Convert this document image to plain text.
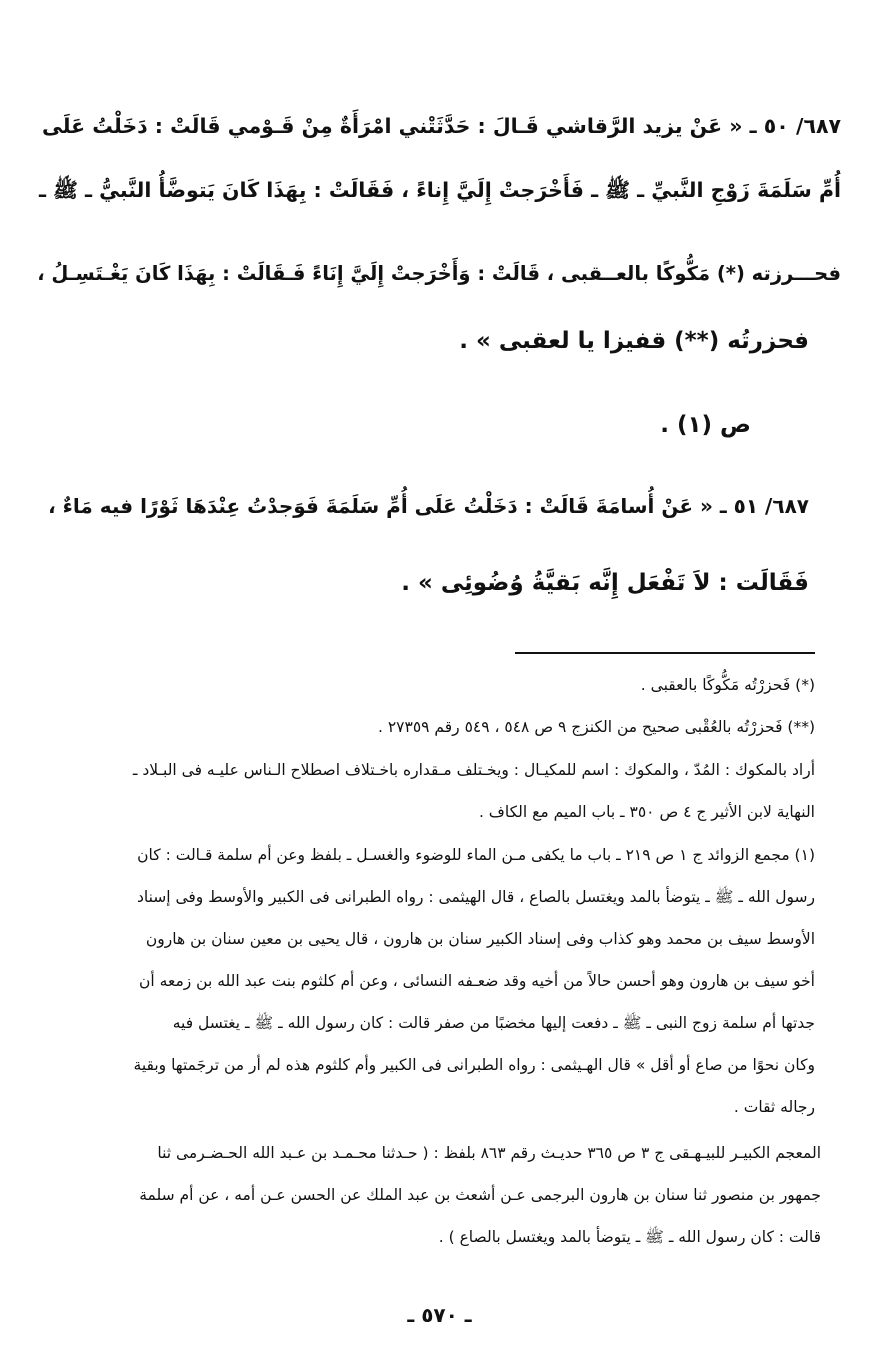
٦٨٧/ ٥٠ ـ « عَنْ يزيد الرَّقاشي قَـالَ : حَدَّثَتْني امْرَأَةٌ مِنْ قَـوْمي قَالَتْ : دَخَلْتُ عَلَى
أُمِّ سَلَمَةَ زَوْجِ النَّبيِّ ـ ﷺ ـ فَأَخْرَجتْ إِلَيَّ إِناءً ، فَقَالَتْ : بِهَذَا كَانَ يَتوضَّأُ النَّبيُّ ـ ﷺ ـ
فحـــرزته (*) مَكُّوكًا بالعــقبى ، قَالَتْ : وَأَخْرَجتْ إِلَيَّ إِنَاءً فَـقَالَتْ : بِهَذَا كَانَ يَغْـتَسِـلُ ،
فحزرتُه (**) قفيزا يا لعقبى » .
ص (١) .
٦٨٧/ ٥١ ـ « عَنْ أُسامَةَ قَالَتْ : دَخَلْتُ عَلَى أُمِّ سَلَمَةَ فَوَجدْتُ عِنْدَهَا ثَوْرًا فيه مَاءٌ ،
فَقَالَت : لاَ تَفْعَل إِنَّه بَقيَّةُ وُضُوئِى » .
(*) فَحزرْتُه مَكُّوكًا بالعقبى .
(**) فَحزرْتُه بالعُقْبى صحيح من الكنزج ٩ ص ٥٤٨ ، ٥٤٩ رقم ٢٧٣٥٩ .
أراد بالمكوك : المُدّ ، والمكوك : اسم للمكيـال : ويخـتلف مـقداره باخـتلاف اصطلاح الـناس عليـه فى البـلاد ـ
النهاية لابن الأثير ج ٤ ص ٣٥٠ ـ باب الميم مع الكاف .
(١) مجمع الزوائد ج ١ ص ٢١٩ ـ باب ما يكفى مـن الماء للوضوء والغسـل ـ بلفظ وعن أم سلمة قـالت : كان
رسول الله ـ ﷺ ـ يتوضأ بالمد ويغتسل بالصاع ، قال الهيثمى : رواه الطبرانى فى الكبير والأوسط وفى إسناد
الأوسط سيف بن محمد وهو كذاب وفى إسناد الكبير سنان بن هارون ، قال يحيى بن معين سنان بن هارون
أخو سيف بن هارون وهو أحسن حالاً من أخيه وقد ضعـفه النسائى ، وعن أم كلثوم بنت عبد الله بن زمعه أن
جدتها أم سلمة زوج النبى ـ ﷺ ـ دفعت إليها مخضبًا من صفر قالت : كان رسول الله ـ ﷺ ـ يغتسل فيه
وكان نحوًا من صاع أو أقل » قال الهـيثمى : رواه الطبرانى فى الكبير وأم كلثوم هذه لم أر من ترجَمتها وبقية
رجاله ثقات .
المعجم الكبيـر للبيـهـقى ج ٣ ص ٣٦٥ حديـث رقم ٨٦٣ بلفظ : ( حـدثنا محـمـد بن عـبد الله الحـضـرمى ثنا
جمهور بن منصور ثنا سنان بن هارون البرجمى عـن أشعث بن عبد الملك عن الحسن عـن أمه ، عن أم سلمة
قالت : كان رسول الله ـ ﷺ ـ يتوضأ بالمد ويغتسل بالصاع ) .
ـ ٥٧٠ ـ
